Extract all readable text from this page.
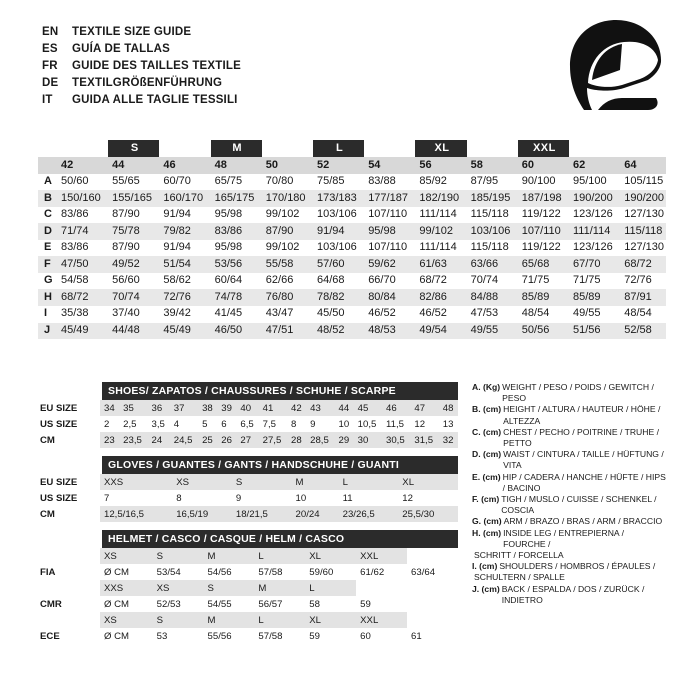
EN	TEXTILE SIZE GUIDE
ES	GUÍA DE TALLAS
FR	GUIDE DES TAILLES TEXTILE
DE	TEXTILGRÖßENFÜHRUNG
IT	GUIDA ALLE TAGLIE TESSILI
		S		M		L		XL		XXL		
	42	44	46	48	50	52	54	56	58	60	62	64
A	50/60	55/65	60/70	65/75	70/80	75/85	83/88	85/92	87/95	90/100	95/100	105/115
B	150/160	155/165	160/170	165/175	170/180	173/183	177/187	182/190	185/195	187/198	190/200	190/200
C	83/86	87/90	91/94	95/98	99/102	103/106	107/110	111/114	115/118	119/122	123/126	127/130
D	71/74	75/78	79/82	83/86	87/90	91/94	95/98	99/102	103/106	107/110	111/114	115/118
E	83/86	87/90	91/94	95/98	99/102	103/106	107/110	111/114	115/118	119/122	123/126	127/130
F	47/50	49/52	51/54	53/56	55/58	57/60	59/62	61/63	63/66	65/68	67/70	68/72
G	54/58	56/60	58/62	60/64	62/66	64/68	66/70	68/72	70/74	71/75	71/75	72/76
H	68/72	70/74	72/76	74/78	76/80	78/82	80/84	82/86	84/88	85/89	85/89	87/91
I	35/38	37/40	39/42	41/45	43/47	45/50	46/52	46/52	47/53	48/54	49/55	48/54
J	45/49	44/48	45/49	46/50	47/51	48/52	48/53	49/54	49/55	50/56	51/56	52/58
SHOES/ ZAPATOS / CHAUSSURES / SCHUHE / SCARPE
EU SIZE	34	35	36	37	38	39	40	41	42	43	44	45	46	47	48
US SIZE	2	2,5	3,5	4	5	6	6,5	7,5	8	9	10	10,5	11,5	12	13
CM	23	23,5	24	24,5	25	26	27	27,5	28	28,5	29	30	30,5	31,5	32
GLOVES / GUANTES / GANTS / HANDSCHUHE / GUANTI
EU SIZE	XXS	XS	S	M	L	XL
US SIZE	7	8	9	10	11	12
CM	12,5/16,5	16,5/19	18/21,5	20/24	23/26,5	25,5/30
HELMET / CASCO / CASQUE / HELM / CASCO
	XS	S	M	L	XL	XXL	
FIA	Ø CM	53/54	54/56	57/58	59/60	61/62	63/64
	XXS	XS	S	M	L		
CMR	Ø CM	52/53	54/55	56/57	58	59	
	XS	S	M	L	XL	XXL	
ECE	Ø CM	53	55/56	57/58	59	60	61
A. (Kg) WEIGHT / PESO / POIDS / GEWITCH / PESO
B. (cm) HEIGHT / ALTURA / HAUTEUR / HÖHE / ALTEZZA
C. (cm) CHEST / PECHO / POITRINE / TRUHE / PETTO
D. (cm) WAIST / CINTURA / TAILLE / HÜFTUNG / VITA
E. (cm) HIP / CADERA / HANCHE / HÜFTE / HIPS / BACINO
F. (cm) TIGH / MUSLO / CUISSE / SCHENKEL / COSCIA
G. (cm) ARM / BRAZO / BRAS / ARM / BRACCIO
H. (cm) INSIDE LEG / ENTREPIERNA / FOURCHE /
SCHRITT / FORCELLA
I. (cm) SHOULDERS / HOMBROS / ÉPAULES /
SCHULTERN / SPALLE
J. (cm) BACK / ESPALDA / DOS / ZURÜCK / INDIETRO
